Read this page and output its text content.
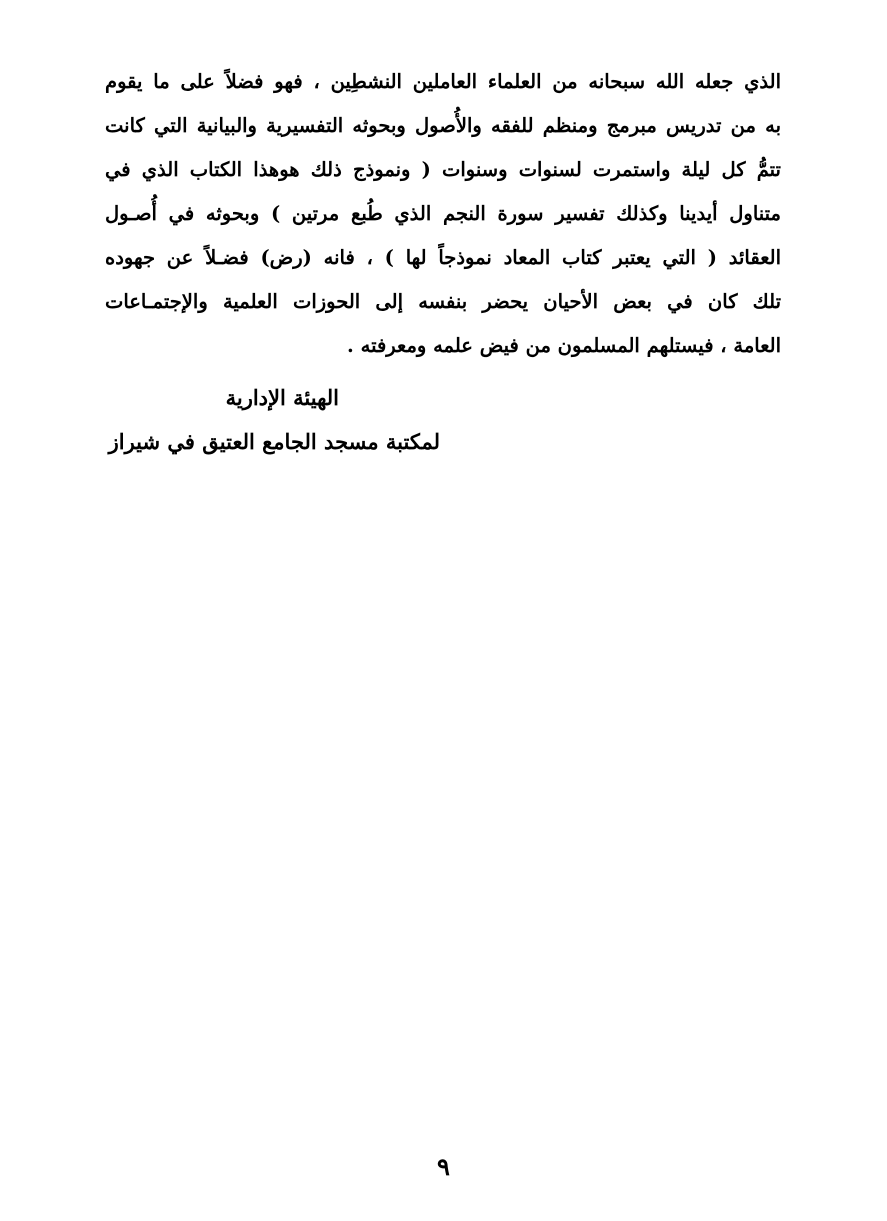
الذي جعله الله سبحانه من العلماء العاملين النشطِين ، فهو فضلاً على ما يقوم
به من تدريس مبرمج ومنظم للفقه والأُصول وبحوثه التفسيرية والبيانية التي كانت
تتمُّ كل ليلة واستمرت لسنوات وسنوات ( ونموذج ذلك هوهذا الكتاب الذي في
متناول أيدينا وكذلك تفسير سورة النجم الذي طُبع مرتين ) وبحوثه في أُصـول
العقائد ( التي يعتبر كتاب المعاد نموذجاً لها ) ، فانه (رض) فضـلاً عن جهوده
تلك كان في بعض الأحيان يحضر بنفسه إلى الحوزات العلمية والإجتمـاعات
العامة ، فيستلهم المسلمون من فيض علمه ومعرفته .
الهيئة الإدارية
لمكتبة مسجد الجامع العتيق في شيراز
٩
